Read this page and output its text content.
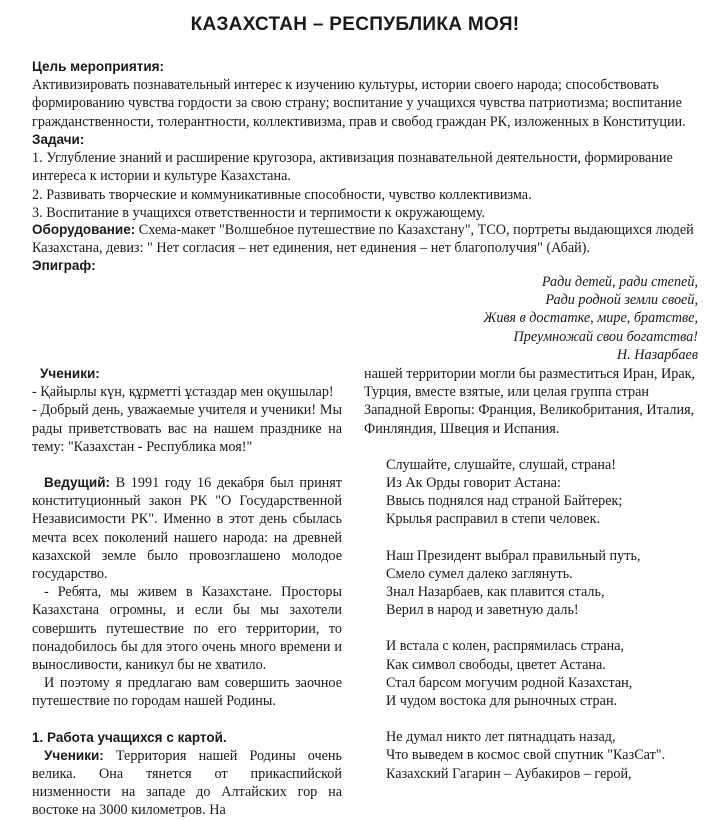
КАЗАХСТАН – РЕСПУБЛИКА МОЯ!
Цель мероприятия:
Активизировать познавательный интерес к изучению культуры, истории своего народа; способствовать
формированию чувства гордости за свою страну; воспитание у учащихся чувства патриотизма; воспитание
гражданственности, толерантности, коллективизма, прав и свобод граждан РК, изложенных в Конституции.
Задачи:
1. Углубление знаний и расширение кругозора, активизация познавательной деятельности, формирование
интереса к истории и культуре Казахстана.
2. Развивать творческие и коммуникативные способности, чувство коллективизма.
3. Воспитание в учащихся ответственности и терпимости к окружающему.
Оборудование: Схема-макет "Волшебное путешествие по Казахстану", ТСО, портреты выдающихся людей
Казахстана, девиз: " Нет согласия – нет единения, нет единения – нет благополучия" (Абай).
Эпиграф:
Ради детей, ради степей,
Ради родной земли своей,
Живя в достатке, мире, братстве,
Преумножай свои богатства!
Н. Назарбаев

Ученики:

- Қайырлы күн, құрметті ұстаздар мен оқушылар!

- Добрый день, уважаемые учителя и ученики! Мы рады приветствовать вас на нашем празднике на тему: "Казахстан - Республика моя!"

Ведущий: В 1991 году 16 декабря был принят конституционный закон РК "О Государственной Независимости РК". Именно в этот день сбылась мечта всех поколений нашего народа: на древней казахской земле было провозглашено молодое государство.

- Ребята, мы живем в Казахстане. Просторы Казахстана огромны, и если бы мы захотели совершить путешествие по его территории, то понадобилось бы для этого очень много времени и выносливости, каникул бы не хватило.

И поэтому я предлагаю вам совершить заочное путешествие по городам нашей Родины.

1. Работа учащихся с картой.

Ученики: Территория нашей Родины очень велика. Она тянется от прикаспийской низменности на западе до Алтайских гор на востоке на 3000 километров. На

нашей территории могли бы разместиться Иран, Ирак, Турция, вместе взятые, или целая группа стран Западной Европы: Франция, Великобритания, Италия, Финляндия, Швеция и Испания.

Слушайте, слушайте, слушай, страна!
Из Ак Орды говорит Астана:
Ввысь поднялся над страной Байтерек;
Крылья расправил в степи человек.
Наш Президент выбрал правильный путь,
Смело сумел далеко заглянуть.
Знал Назарбаев, как плавится сталь,
Верил в народ и заветную даль!
И встала с колен, распрямилась страна,
Как символ свободы, цветет Астана.
Стал барсом могучим родной Казахстан,
И чудом востока для рыночных стран.
Не думал никто лет пятнадцать назад,
Что выведем в космос свой спутник "КазСат".
Казахский Гагарин – Аубакиров – герой,
